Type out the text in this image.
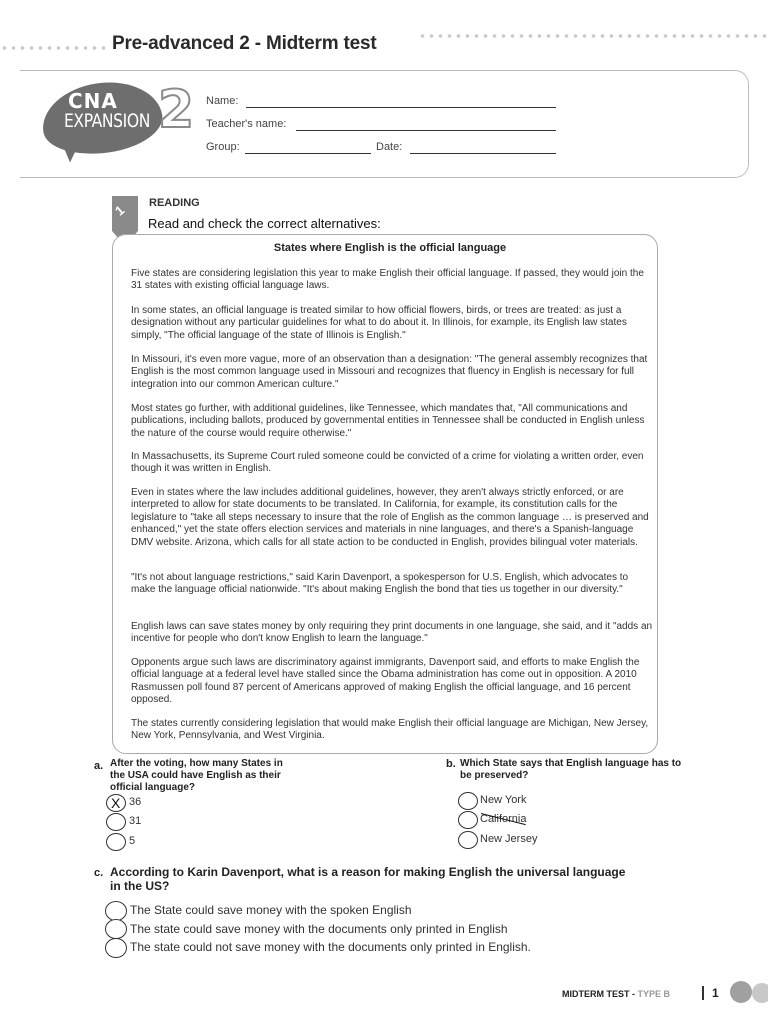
Pre-advanced 2 - Midterm test
CNA
EXPANSION 2 Name:
Teacher's name:
Group:	Date:
1 READING
Read and check the correct alternatives:
States where English is the official language

Five states are considering legislation this year to make English their official language. If passed, they would join the 31 states with existing official language laws.

In some states, an official language is treated similar to how official flowers, birds, or trees are treated: as just a designation without any particular guidelines for what to do about it. In Illinois, for example, its English law states simply, "The official language of the state of Illinois is English."

In Missouri, it's even more vague, more of an observation than a designation: "The general assembly recognizes that English is the most common language used in Missouri and recognizes that fluency in English is necessary for full integration into our common American culture."

Most states go further, with additional guidelines, like Tennessee, which mandates that, "All communications and publications, including ballots, produced by governmental entities in Tennessee shall be conducted in English unless the nature of the course would require otherwise."

In Massachusetts, its Supreme Court ruled someone could be convicted of a crime for violating a written order, even though it was written in English.

Even in states where the law includes additional guidelines, however, they aren't always strictly enforced, or are interpreted to allow for state documents to be translated. In California, for example, its constitution calls for the legislature to "take all steps necessary to insure that the role of English as the common language … is preserved and enhanced," yet the state offers election services and materials in nine languages, and there's a Spanish-language DMV website. Arizona, which calls for all state action to be conducted in English, provides bilingual voter materials.

"It's not about language restrictions," said Karin Davenport, a spokesperson for U.S. English, which advocates to make the language official nationwide. "It's about making English the bond that ties us together in our diversity."

English laws can save states money by only requiring they print documents in one language, she said, and it "adds an incentive for people who don't know English to learn the language."

Opponents argue such laws are discriminatory against immigrants, Davenport said, and efforts to make English the official language at a federal level have stalled since the Obama administration has come out in opposition. A 2010 Rasmussen poll found 87 percent of Americans approved of making English the official language, and 16 percent opposed.

The states currently considering legislation that would make English their official language are Michigan, New Jersey, New York, Pennsylvania, and West Virginia.

a. After the voting, how many States in the USA could have English as their official language?
X 36
31
5
b. Which State says that English language has to be preserved?
New York
California
New Jersey
c. According to Karin Davenport, what is a reason for making English the universal language in the US?
The State could save money with the spoken English
The state could save money with the documents only printed in English
The state could not save money with the documents only printed in English.
MIDTERM TEST - TYPE B	1
